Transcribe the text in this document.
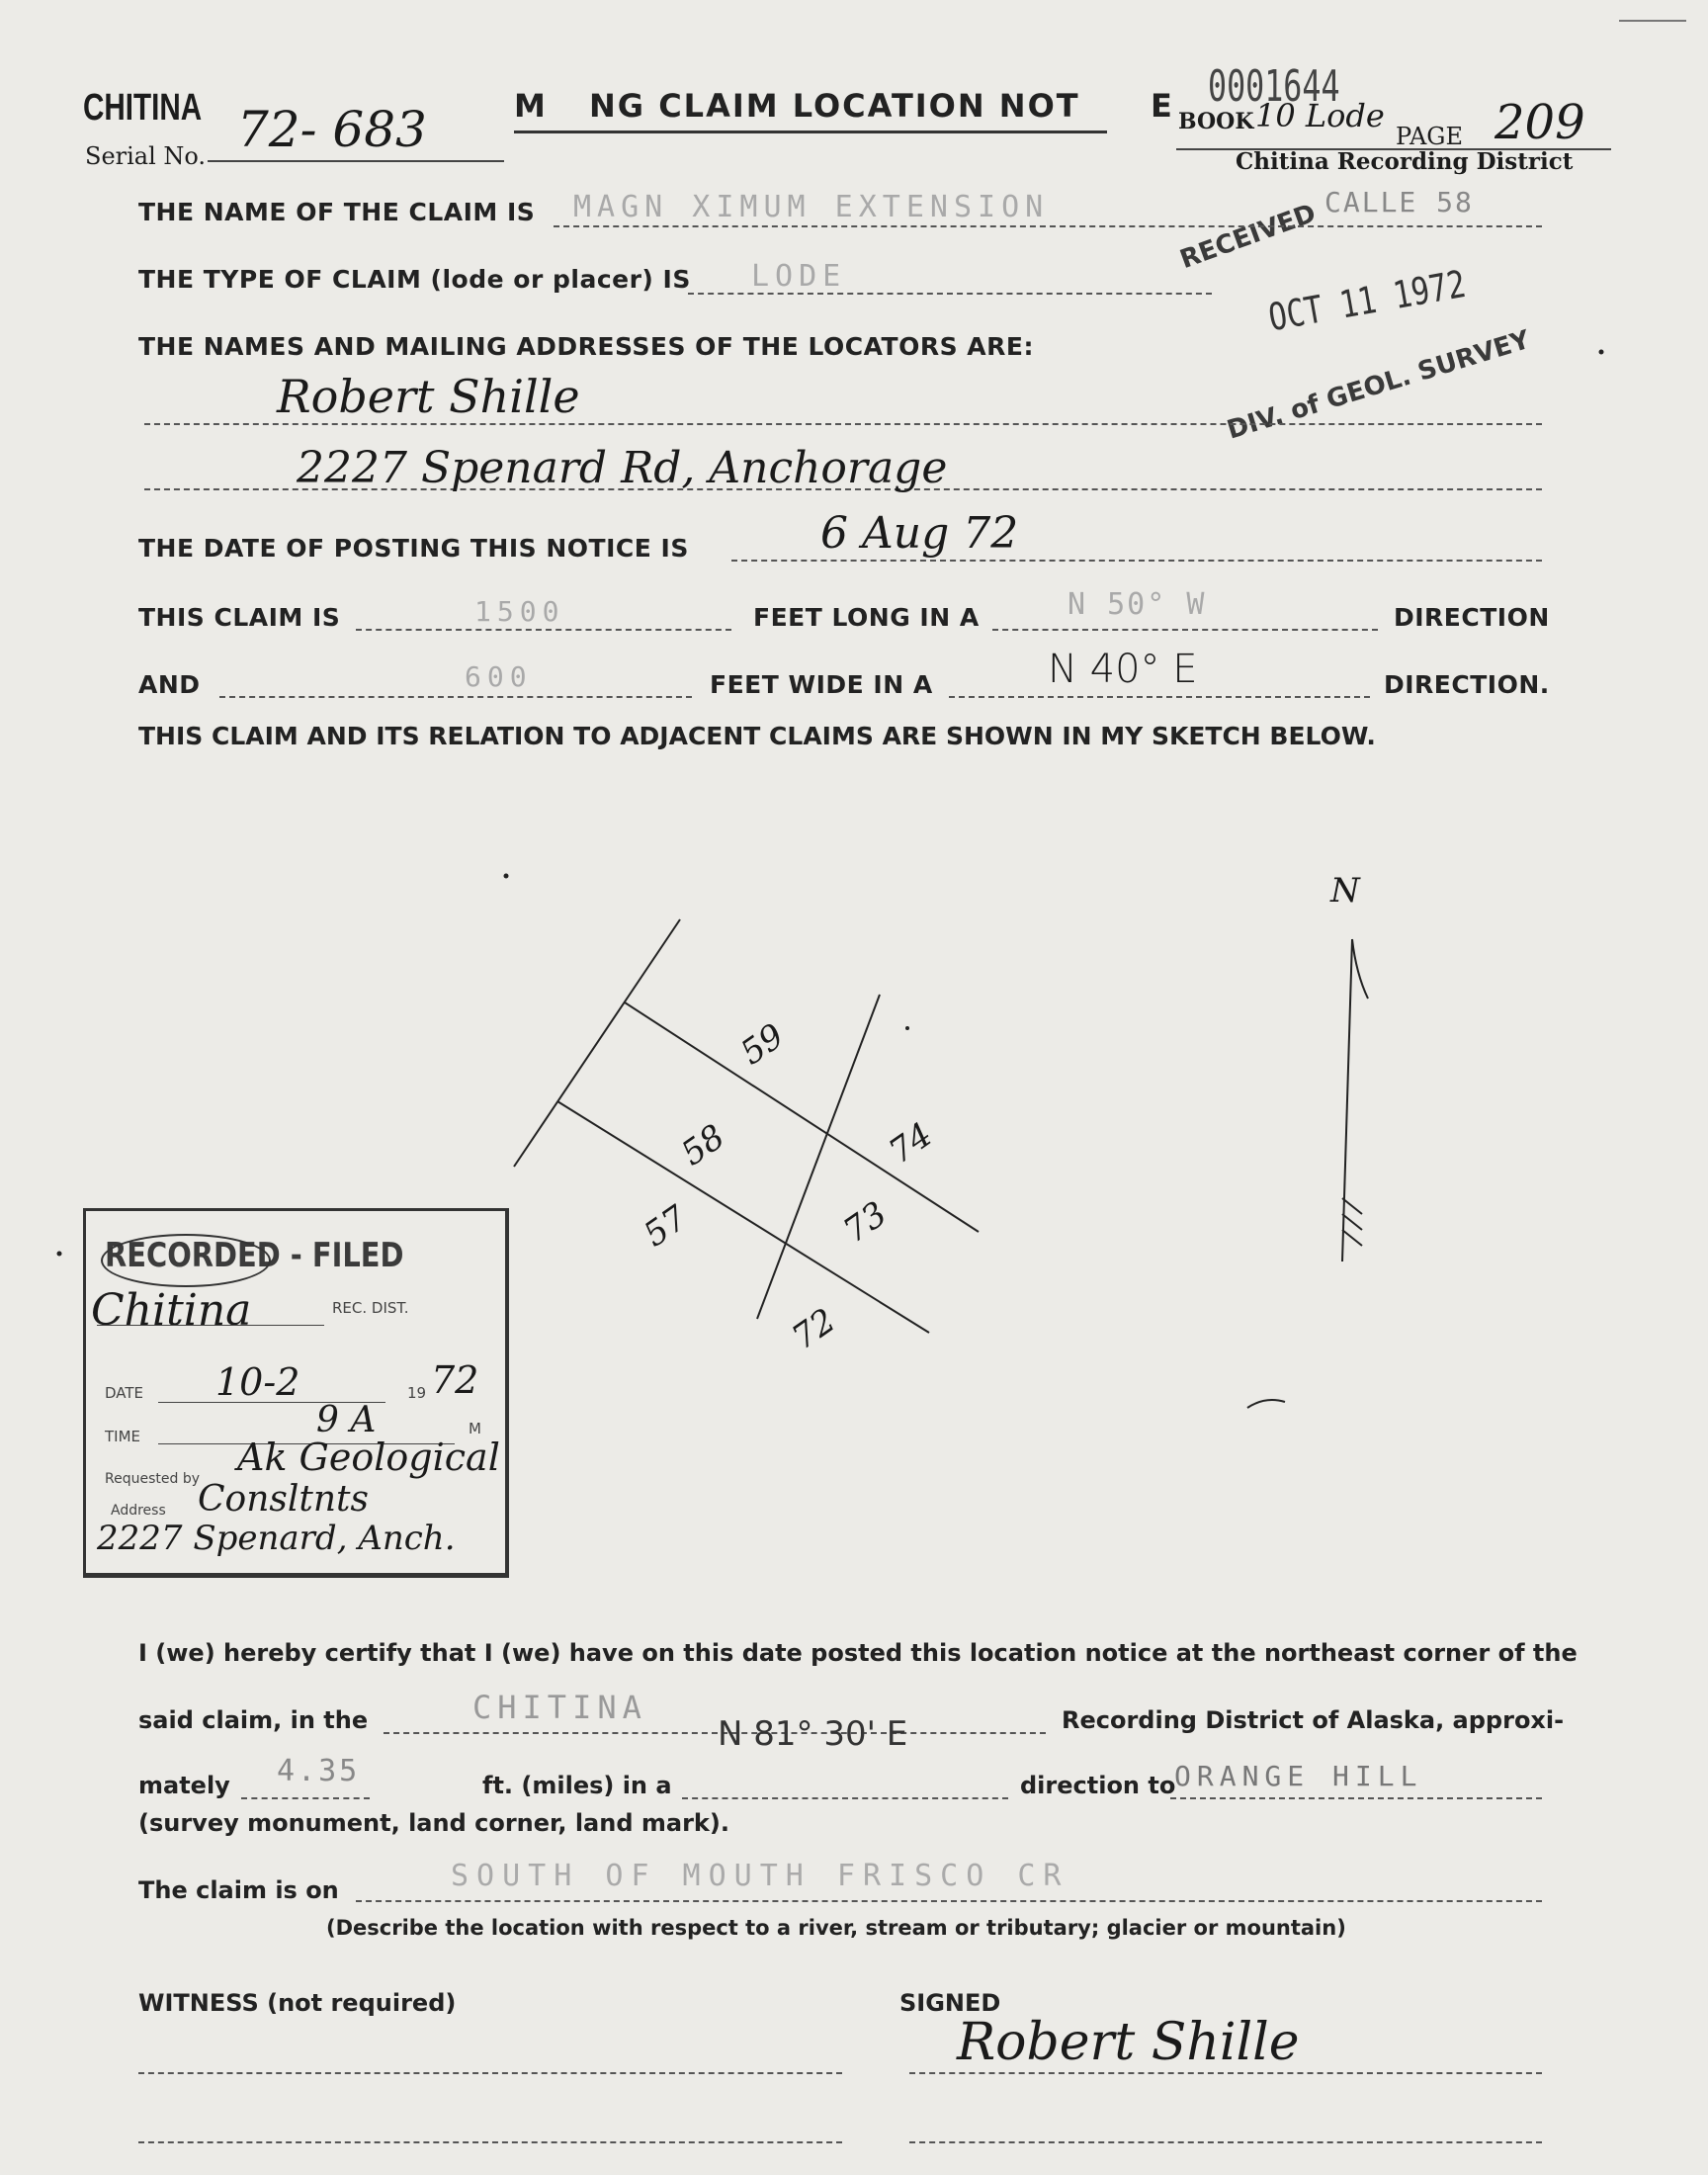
CHITINA
Serial No. 72- 683	M NG CLAIM LOCATION NOT E 0001644
BOOK 10 Lode
PAGE 209
Chitina Recording District
RECEIVED
OCT 11 1972
DIV. of GEOL. SURVEY
THE NAME OF THE CLAIM IS MAGN XIMUM EXTENSION	CALLE 58
THE TYPE OF CLAIM (lode or placer) IS LODE
THE NAMES AND MAILING ADDRESSES OF THE LOCATORS ARE:
Robert Shille
2227 Spenard Rd, Anchorage
THE DATE OF POSTING THIS NOTICE IS	6 Aug 72
THIS CLAIM IS	1500	FEET LONG IN A	N 50° W	DIRECTION
AND	600	FEET WIDE IN A	N 40° E	DIRECTION.
THIS CLAIM AND ITS RELATION TO ADJACENT CLAIMS ARE SHOWN IN MY SKETCH BELOW.
N
59
58
57
74
73
72
RECORDED - FILED
Chitina	REC. DIST.
DATE 10-2	19 72
TIME	9 A	M
Requested by Ak Geological
Address Consltnts
2227 Spenard, Anch.
I (we) hereby certify that I (we) have on this date posted this location notice at the northeast corner of the
said claim, in the	CHITINA	Recording District of Alaska, approxi-
mately 4.35	ft. (miles) in a
N 81° 30' E
direction to
ORANGE HILL
(survey monument, land corner, land mark).
The claim is on	SOUTH OF MOUTH FRISCO CR
(Describe the location with respect to a river, stream or tributary; glacier or mountain)
WITNESS (not required)	SIGNED
Robert Shille
